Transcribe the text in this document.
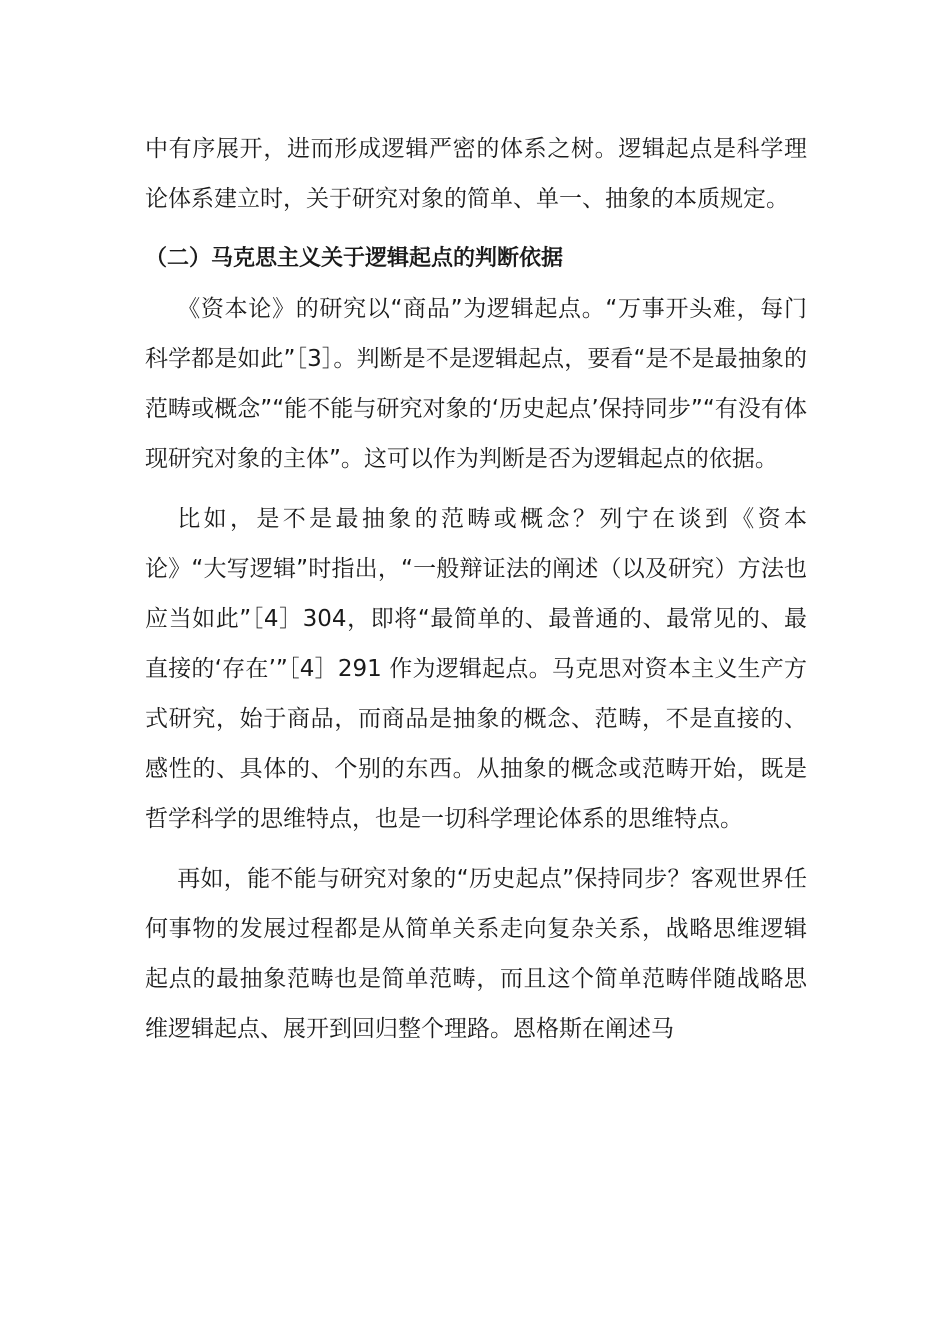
中有序展开，进而形成逻辑严密的体系之树。逻辑起点是科学理论体系建立时，关于研究对象的简单、单一、抽象的本质规定。

（二）马克思主义关于逻辑起点的判断依据

《资本论》的研究以“商品”为逻辑起点。“万事开头难，每门科学都是如此”［3］。判断是不是逻辑起点，要看“是不是最抽象的范畴或概念”“能不能与研究对象的‘历史起点’保持同步”“有没有体现研究对象的主体”。这可以作为判断是否为逻辑起点的依据。

比如，是不是最抽象的范畴或概念？列宁在谈到《资本论》“大写逻辑”时指出，“一般辩证法的阐述（以及研究）方法也应当如此”［4］304，即将“最简单的、最普通的、最常见的、最直接的‘存在’”［4］291 作为逻辑起点。马克思对资本主义生产方式研究，始于商品，而商品是抽象的概念、范畴，不是直接的、感性的、具体的、个别的东西。从抽象的概念或范畴开始，既是哲学科学的思维特点，也是一切科学理论体系的思维特点。

再如，能不能与研究对象的“历史起点”保持同步？客观世界任何事物的发展过程都是从简单关系走向复杂关系，战略思维逻辑起点的最抽象范畴也是简单范畴，而且这个简单范畴伴随战略思维逻辑起点、展开到回归整个理路。恩格斯在阐述马
